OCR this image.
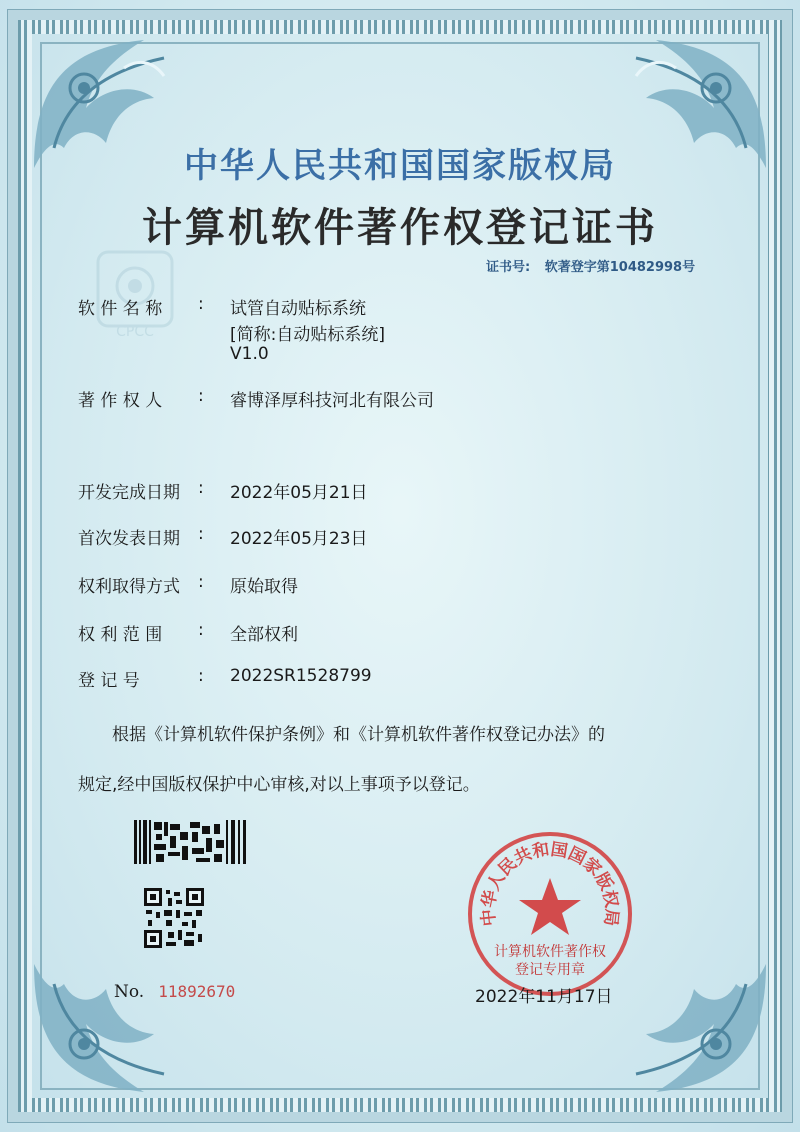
CPCC
中华人民共和国国家版权局
计算机软件著作权登记证书
证书号: 软著登字第10482998号
软 件 名 称	: 试管自动贴标系统
[简称:自动贴标系统]
V1.0
著 作 权 人	: 睿博泽厚科技河北有限公司
开发完成日期	: 2022年05月21日
首次发表日期	: 2022年05月23日
权利取得方式	: 原始取得
权 利 范 围	: 全部权利
登 记 号	: 2022SR1528799
根据《计算机软件保护条例》和《计算机软件著作权登记办法》的
规定,经中国版权保护中心审核,对以上事项予以登记。
No. 11892670
中华人民共和国国家版权局
计算机软件著作权
登记专用章
2022年11月17日
